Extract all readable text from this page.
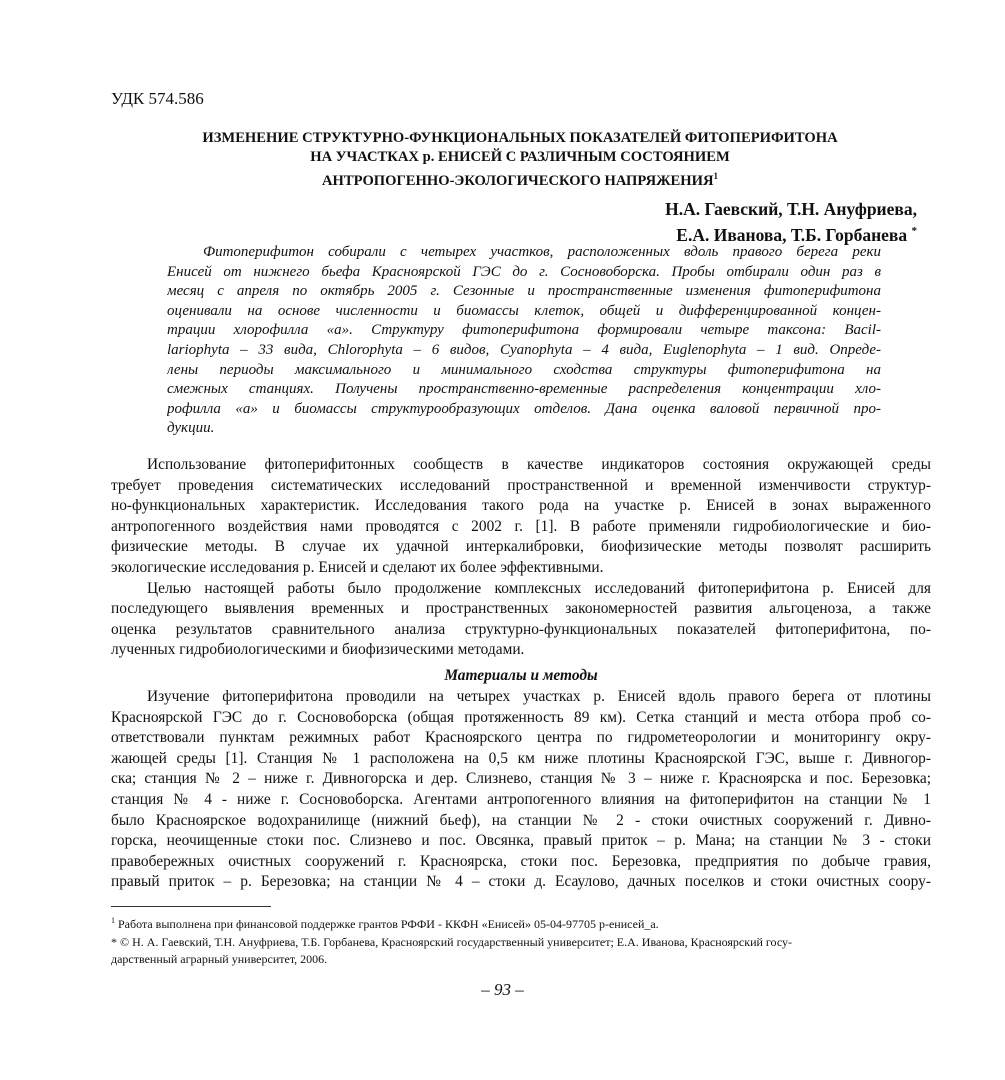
УДК 574.586
ИЗМЕНЕНИЕ СТРУКТУРНО-ФУНКЦИОНАЛЬНЫХ ПОКАЗАТЕЛЕЙ ФИТОПЕРИФИТОНА
НА УЧАСТКАХ р. ЕНИСЕЙ С РАЗЛИЧНЫМ СОСТОЯНИЕМ
АНТРОПОГЕННО-ЭКОЛОГИЧЕСКОГО НАПРЯЖЕНИЯ$^1$
Н.А. Гаевский, Т.Н. Ануфриева,
Е.А. Иванова, Т.Б. Горбанева *
Фитоперифитон собирали с четырех участков, расположенных вдоль правого берега реки
Енисей от нижнего бьефа Красноярской ГЭС до г. Сосновоборска. Пробы отбирали один раз в
месяц с апреля по октябрь 2005 г. Сезонные и пространственные изменения фитоперифитона
оценивали на основе численности и биомассы клеток, общей и дифференцированной концен-
трации хлорофилла «а». Структуру фитоперифитона формировали четыре таксона: Bacil-
lariophyta – 33 вида, Chlorophyta – 6 видов, Cyanophyta – 4 вида, Euglenophyta – 1 вид. Опреде-
лены периоды максимального и минимального сходства структуры фитоперифитона на
смежных станциях. Получены пространственно-временные распределения концентрации хло-
рофилла «а» и биомассы структурообразующих отделов. Дана оценка валовой первичной про-
дукции.
Использование фитоперифитонных сообществ в качестве индикаторов состояния окружающей среды
требует проведения систематических исследований пространственной и временной изменчивости структур-
но-функциональных характеристик. Исследования такого рода на участке р. Енисей в зонах выраженного
антропогенного воздействия нами проводятся с 2002 г. [1]. В работе применяли гидробиологические и био-
физические методы. В случае их удачной интеркалибровки, биофизические методы позволят расширить
экологические исследования р. Енисей и сделают их более эффективными.
Целью настоящей работы было продолжение комплексных исследований фитоперифитона р. Енисей для
последующего выявления временных и пространственных закономерностей развития альгоценоза, а также
оценка результатов сравнительного анализа структурно-функциональных показателей фитоперифитона, по-
лученных гидробиологическими и биофизическими методами.
Материалы и методы
Изучение фитоперифитона проводили на четырех участках р. Енисей вдоль правого берега от плотины
Красноярской ГЭС до г. Сосновоборска (общая протяженность 89 км). Сетка станций и места отбора проб со-
ответствовали пунктам режимных работ Красноярского центра по гидрометеорологии и мониторингу окру-
жающей среды [1]. Станция № 1 расположена на 0,5 км ниже плотины Красноярской ГЭС, выше г. Дивногор-
ска; станция № 2 – ниже г. Дивногорска и дер. Слизнево, станция № 3 – ниже г. Красноярска и пос. Березовка;
станция № 4 - ниже г. Сосновоборска. Агентами антропогенного влияния на фитоперифитон на станции № 1
было Красноярское водохранилище (нижний бьеф), на станции № 2 - стоки очистных сооружений г. Дивно-
горска, неочищенные стоки пос. Слизнево и пос. Овсянка, правый приток – р. Мана; на станции № 3 - стоки
правобережных очистных сооружений г. Красноярска, стоки пос. Березовка, предприятия по добыче гравия,
правый приток – р. Березовка; на станции № 4 – стоки д. Есаулово, дачных поселков и стоки очистных соору-
$^1$ Работа выполнена при финансовой поддержке грантов РФФИ - ККФН «Енисей» 05-04-97705 р-енисей_а.
* © Н. А. Гаевский, Т.Н. Ануфриева, Т.Б. Горбанева, Красноярский государственный университет; Е.А. Иванова, Красноярский госу-
дарственный аграрный университет, 2006.
– 93 –
